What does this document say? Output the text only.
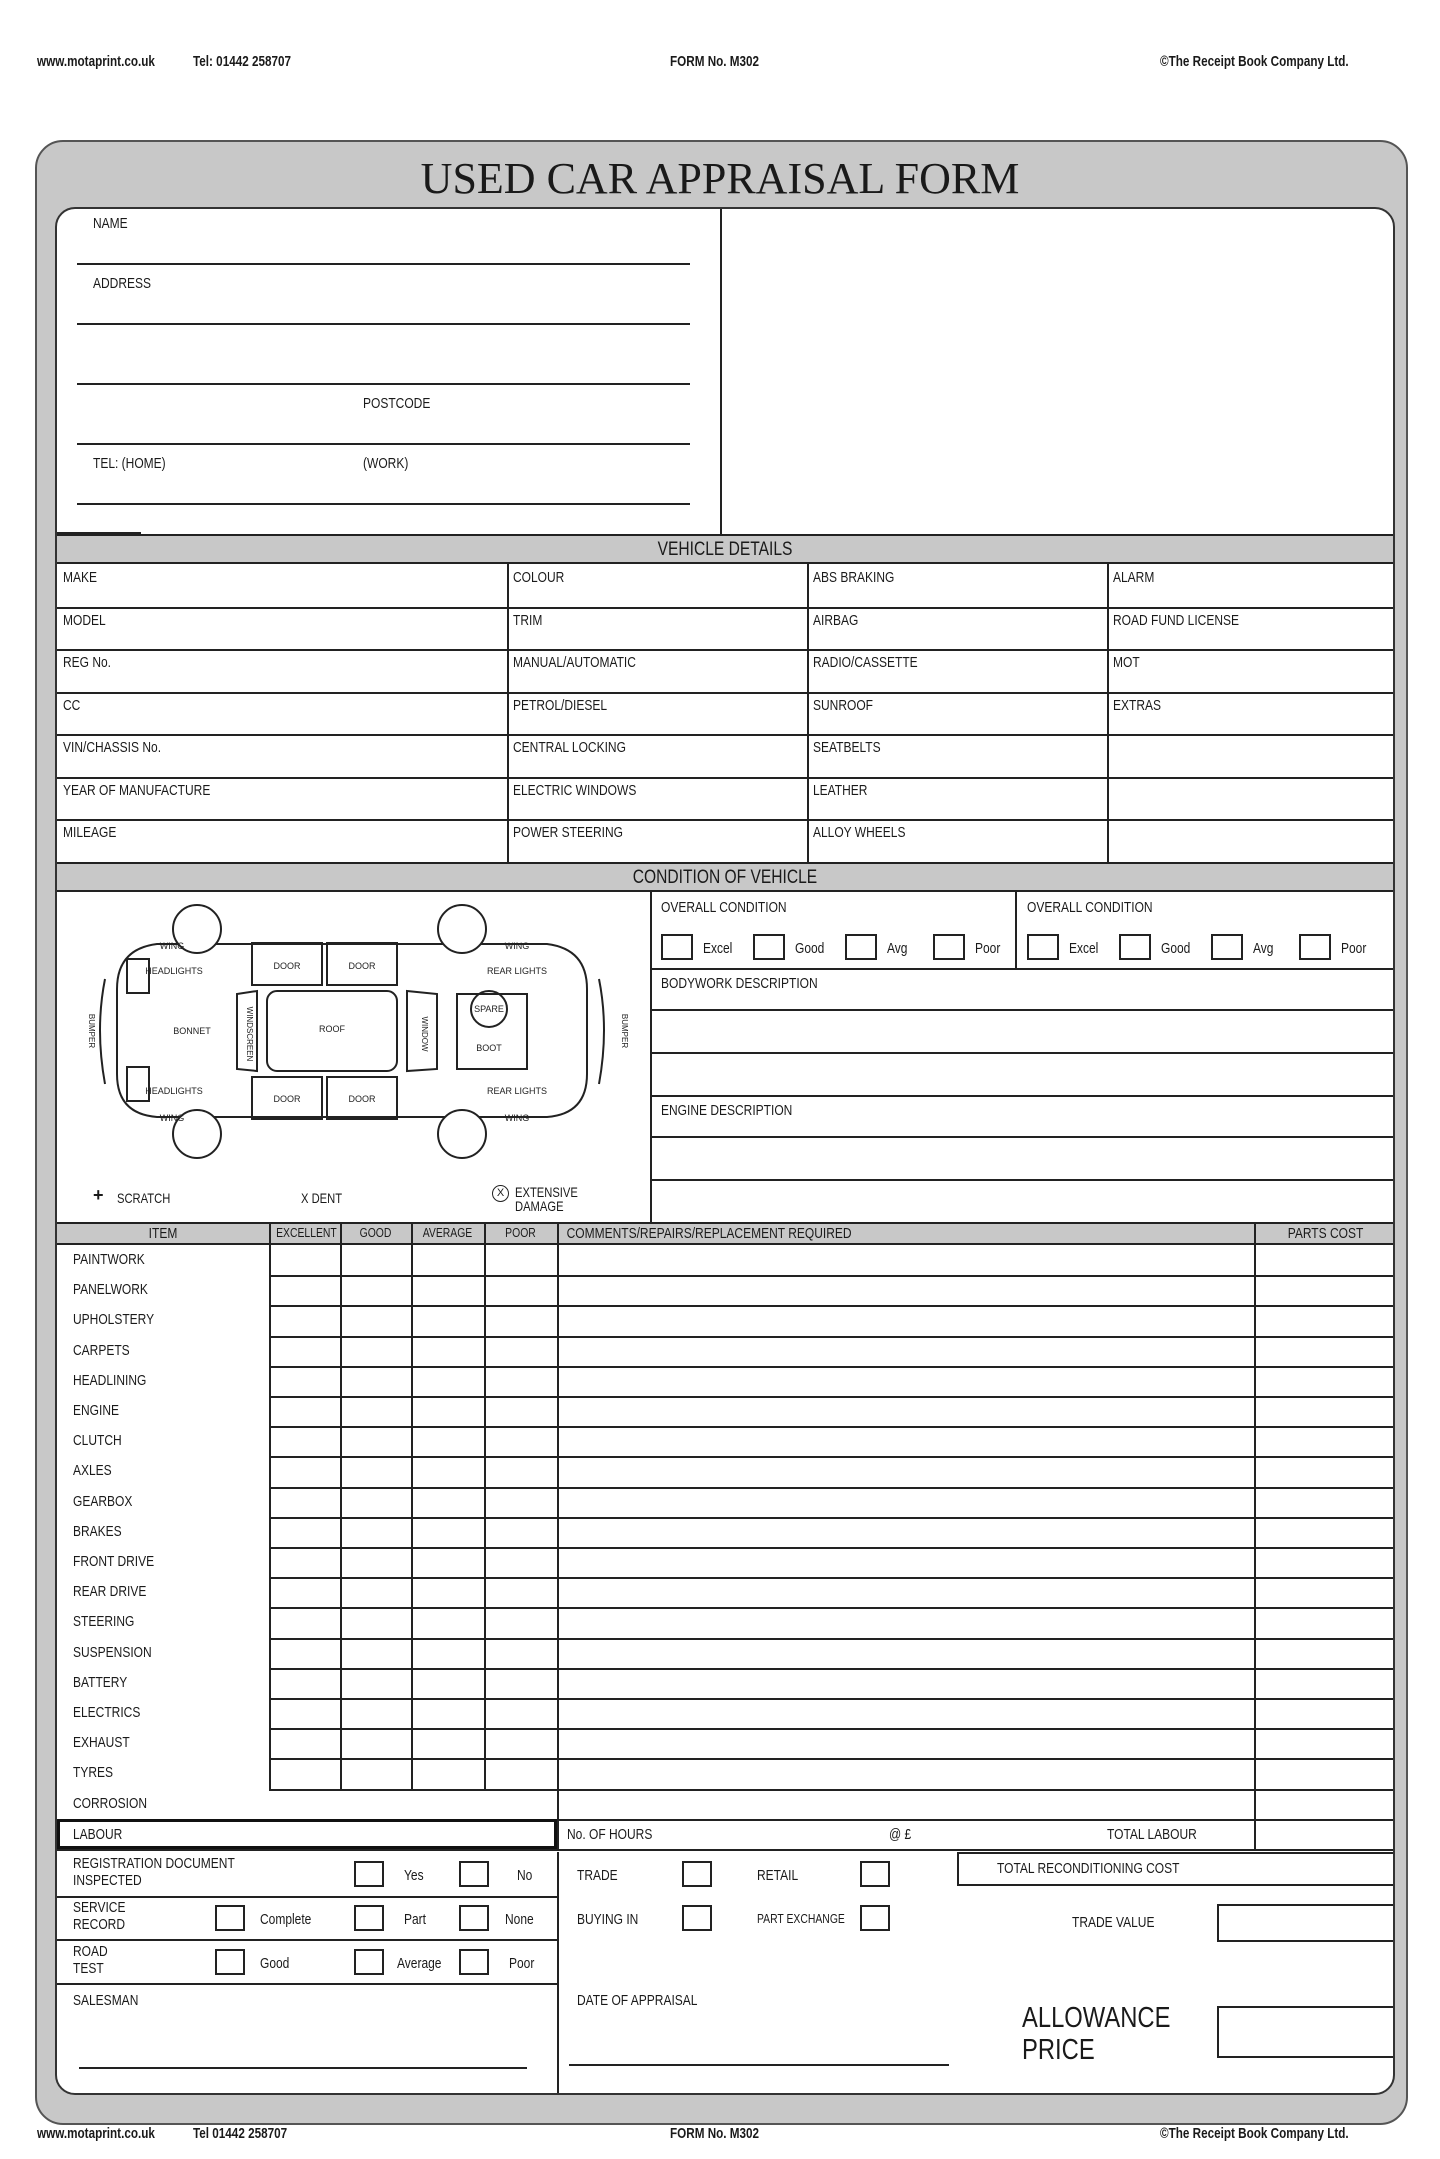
www.motaprint.co.uk	Tel: 01442 258707	FORM No. M302	©The Receipt Book Company Ltd.
USED CAR APPRAISAL FORM
NAME
ADDRESS
POSTCODE
TEL: (HOME)	(WORK)
VEHICLE DETAILS
MAKE	COLOUR	ABS BRAKING	ALARM
MODEL	TRIM	AIRBAG	ROAD FUND LICENSE
REG No.	MANUAL/AUTOMATIC	RADIO/CASSETTE	MOT
CC	PETROL/DIESEL	SUNROOF	EXTRAS
VIN/CHASSIS No.	CENTRAL LOCKING	SEATBELTS
YEAR OF MANUFACTURE	ELECTRIC WINDOWS	LEATHER
MILEAGE	POWER STEERING	ALLOY WHEELS
CONDITION OF VEHICLE
OVERALL CONDITION	OVERALL CONDITION
Excel	Good	Avg	Poor	Excel	Good	Avg	Poor
BODYWORK DESCRIPTION
ENGINE DESCRIPTION
WING
HEADLIGHTS	DOOR	DOOR
WING
REAR LIGHTS
BONNET	WINDSCREEN	ROOF	WINDOW
SPARE
BOOT
HEADLIGHTS
DOOR	DOOR
REAR LIGHTS
WING	WING
BUMPER	BUMPER
+ SCRATCH	X DENT	X EXTENSIVE
DAMAGE
ITEM	EXCELLENT	GOOD	AVERAGE	POOR	COMMENTS/REPAIRS/REPLACEMENT REQUIRED	PARTS COST
PAINTWORK
PANELWORK
UPHOLSTERY
CARPETS
HEADLINING
ENGINE
CLUTCH
AXLES
GEARBOX
BRAKES
FRONT DRIVE
REAR DRIVE
STEERING
SUSPENSION
BATTERY
ELECTRICS
EXHAUST
TYRES
CORROSION
LABOUR	No. OF HOURS	@ £	TOTAL LABOUR
REGISTRATION DOCUMENT
INSPECTED	Yes	No
SERVICE
RECORD	Complete	Part	None
ROAD
TEST	Good	Average	Poor
SALESMAN
TRADE	RETAIL
BUYING IN	PART EXCHANGE
TOTAL RECONDITIONING COST
TRADE VALUE
DATE OF APPRAISAL
ALLOWANCE
PRICE
www.motaprint.co.uk	Tel 01442 258707	FORM No. M302	©The Receipt Book Company Ltd.
